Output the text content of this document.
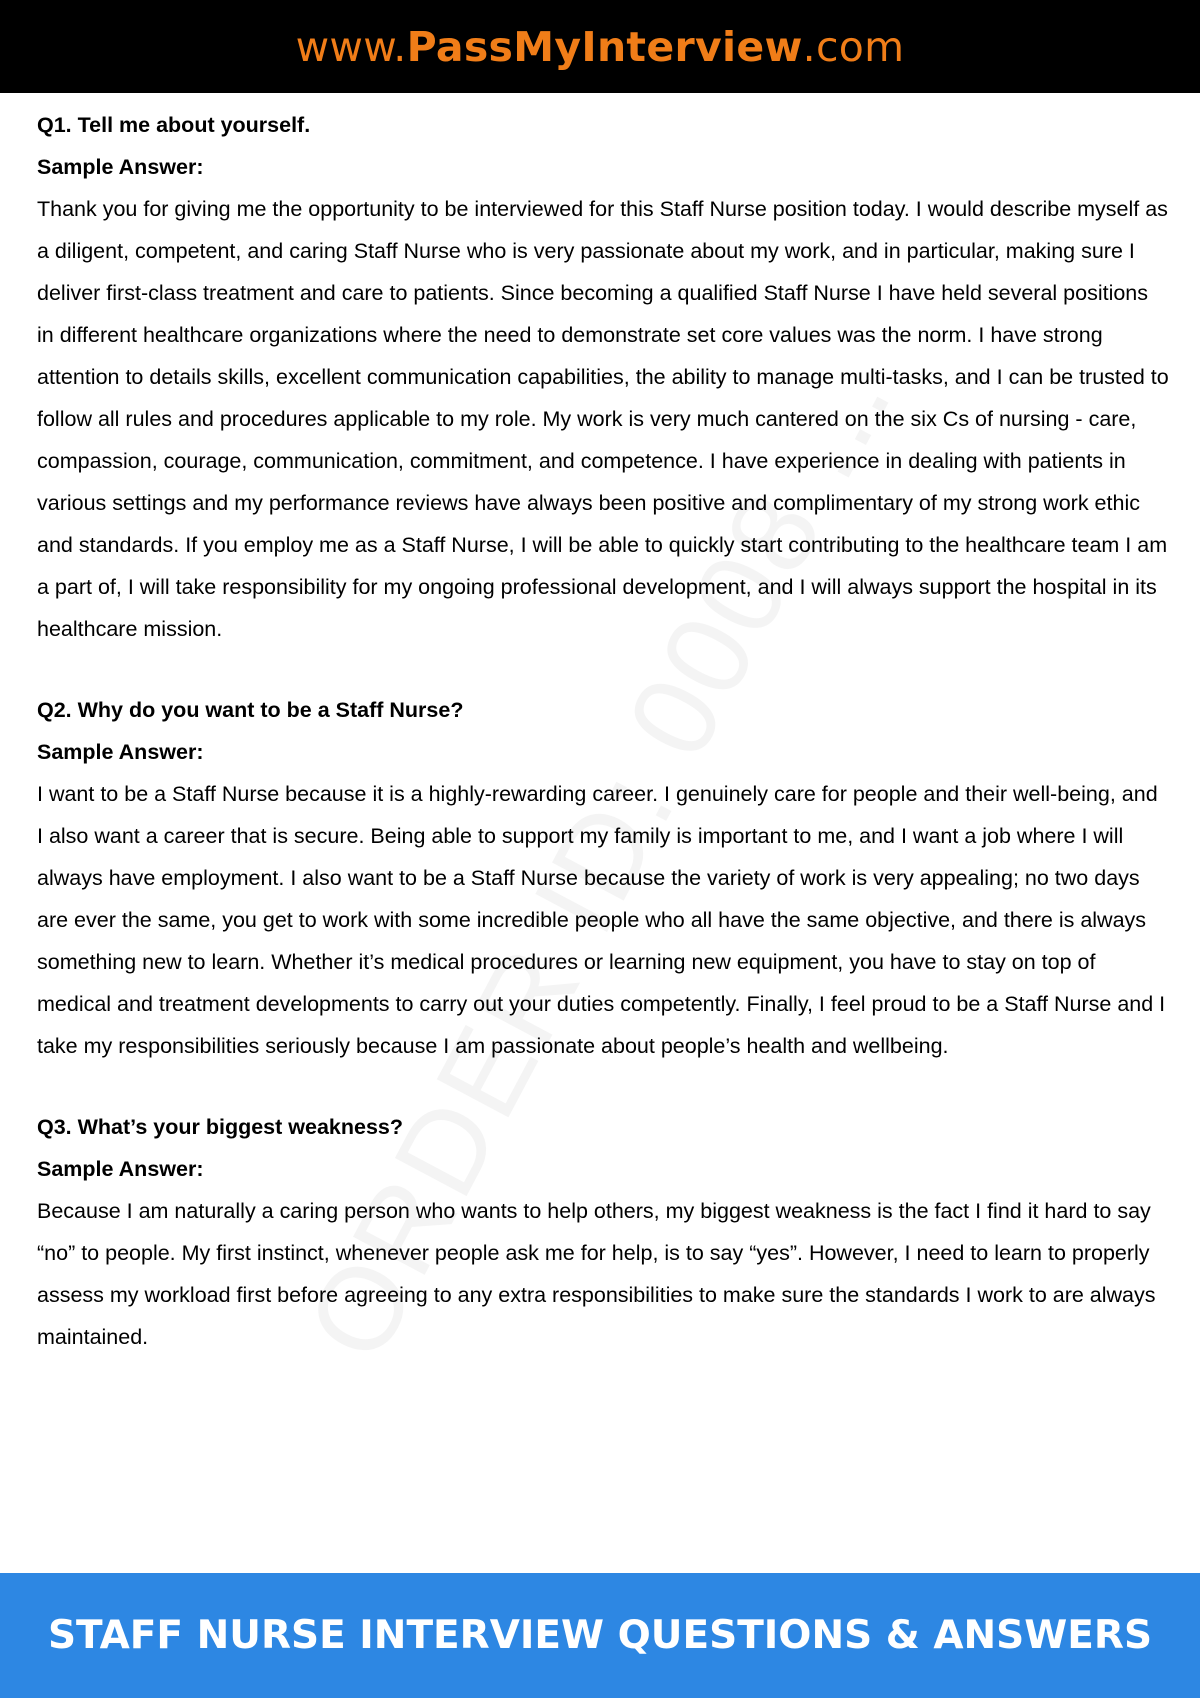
www.PassMyInterview.com

Q1. Tell me about yourself.

Sample Answer:

Thank you for giving me the opportunity to be interviewed for this Staff Nurse position today. I would describe myself as a diligent, competent, and caring Staff Nurse who is very passionate about my work, and in particular, making sure I deliver first-class treatment and care to patients. Since becoming a qualified Staff Nurse I have held several positions in different healthcare organizations where the need to demonstrate set core values was the norm. I have strong attention to details skills, excellent communication capabilities, the ability to manage multi-tasks, and I can be trusted to follow all rules and procedures applicable to my role. My work is very much cantered on the six Cs of nursing - care, compassion, courage, communication, commitment, and competence. I have experience in dealing with patients in various settings and my performance reviews have always been positive and complimentary of my strong work ethic and standards. If you employ me as a Staff Nurse, I will be able to quickly start contributing to the healthcare team I am a part of, I will take responsibility for my ongoing professional development, and I will always support the hospital in its healthcare mission.

Q2. Why do you want to be a Staff Nurse?

Sample Answer:

I want to be a Staff Nurse because it is a highly-rewarding career. I genuinely care for people and their well-being, and I also want a career that is secure. Being able to support my family is important to me, and I want a job where I will always have employment. I also want to be a Staff Nurse because the variety of work is very appealing; no two days are ever the same, you get to work with some incredible people who all have the same objective, and there is always something new to learn. Whether it’s medical procedures or learning new equipment, you have to stay on top of medical and treatment developments to carry out your duties competently. Finally, I feel proud to be a Staff Nurse and I take my responsibilities seriously because I am passionate about people’s health and wellbeing.

Q3. What’s your biggest weakness?

Sample Answer:

Because I am naturally a caring person who wants to help others, my biggest weakness is the fact I find it hard to say “no” to people. My first instinct, whenever people ask me for help, is to say “yes”. However, I need to learn to properly assess my workload first before agreeing to any extra responsibilities to make sure the standards I work to are always maintained.

STAFF NURSE INTERVIEW QUESTIONS & ANSWERS
